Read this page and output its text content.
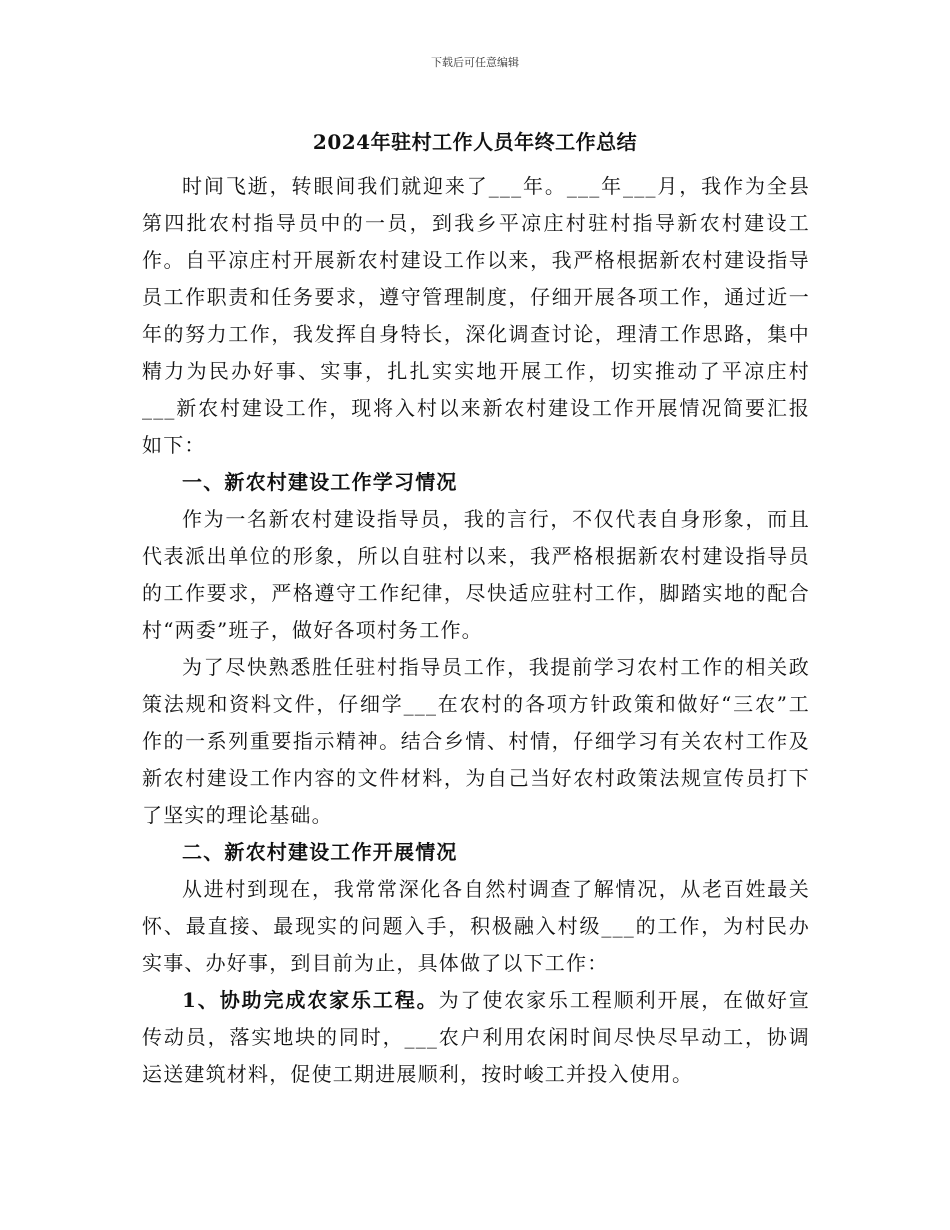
下载后可任意编辑
2024年驻村工作人员年终工作总结

时间飞逝，转眼间我们就迎来了___年。___年___月，我作为全县第四批农村指导员中的一员，到我乡平凉庄村驻村指导新农村建设工作。自平凉庄村开展新农村建设工作以来，我严格根据新农村建设指导员工作职责和任务要求，遵守管理制度，仔细开展各项工作，通过近一年的努力工作，我发挥自身特长，深化调查讨论，理清工作思路，集中精力为民办好事、实事，扎扎实实地开展工作，切实推动了平凉庄村___新农村建设工作，现将入村以来新农村建设工作开展情况简要汇报如下：

一、新农村建设工作学习情况

作为一名新农村建设指导员，我的言行，不仅代表自身形象，而且代表派出单位的形象，所以自驻村以来，我严格根据新农村建设指导员的工作要求，严格遵守工作纪律，尽快适应驻村工作，脚踏实地的配合村“两委”班子，做好各项村务工作。

为了尽快熟悉胜任驻村指导员工作，我提前学习农村工作的相关政策法规和资料文件，仔细学___在农村的各项方针政策和做好“三农”工作的一系列重要指示精神。结合乡情、村情，仔细学习有关农村工作及新农村建设工作内容的文件材料，为自己当好农村政策法规宣传员打下了坚实的理论基础。

二、新农村建设工作开展情况

从进村到现在，我常常深化各自然村调查了解情况，从老百姓最关怀、最直接、最现实的问题入手，积极融入村级___的工作，为村民办实事、办好事，到目前为止，具体做了以下工作：

1、协助完成农家乐工程。为了使农家乐工程顺利开展，在做好宣传动员，落实地块的同时，___农户利用农闲时间尽快尽早动工，协调运送建筑材料，促使工期进展顺利，按时峻工并投入使用。
